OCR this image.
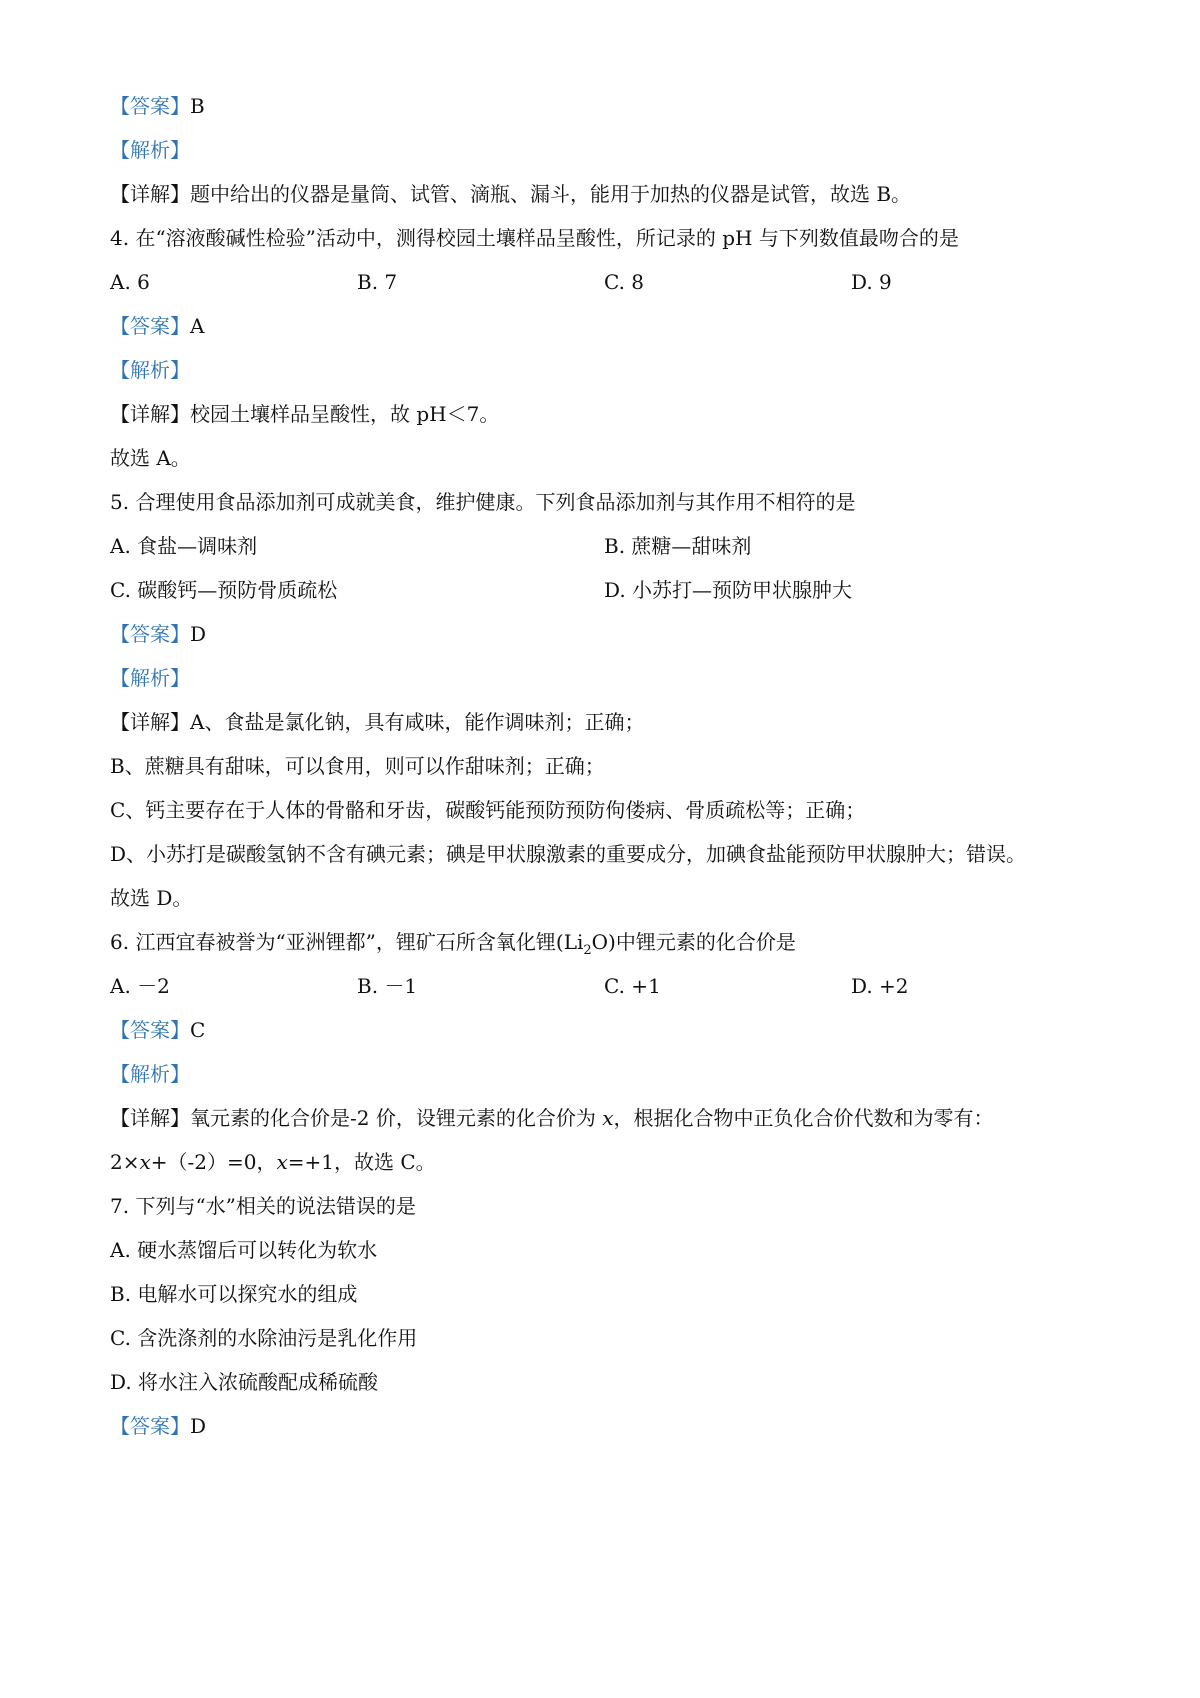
【答案】B
【解析】
【详解】题中给出的仪器是量筒、试管、滴瓶、漏斗，能用于加热的仪器是试管，故选 B。
4. 在“溶液酸碱性检验”活动中，测得校园土壤样品呈酸性，所记录的 pH 与下列数值最吻合的是
A. 6	B. 7	C. 8	D. 9
【答案】A
【解析】
【详解】校园土壤样品呈酸性，故 pH＜7。
故选 A。
5. 合理使用食品添加剂可成就美食，维护健康。下列食品添加剂与其作用不相符的是
A. 食盐—调味剂	B. 蔗糖—甜味剂
C. 碳酸钙—预防骨质疏松	D. 小苏打—预防甲状腺肿大
【答案】D
【解析】
【详解】A、食盐是氯化钠，具有咸味，能作调味剂；正确；
B、蔗糖具有甜味，可以食用，则可以作甜味剂；正确；
C、钙主要存在于人体的骨骼和牙齿，碳酸钙能预防预防佝偻病、骨质疏松等；正确；
D、小苏打是碳酸氢钠不含有碘元素；碘是甲状腺激素的重要成分，加碘食盐能预防甲状腺肿大；错误。
故选 D。
6. 江西宜春被誉为“亚洲锂都”，锂矿石所含氧化锂$(Li_2O)$中锂元素的化合价是
A. －2	B. －1	C. +1	D. +2
【答案】C
【解析】
【详解】氧元素的化合价是-2 价，设锂元素的化合价为 x，根据化合物中正负化合价代数和为零有：
2×x+（-2）=0，x=+1，故选 C。
7. 下列与“水”相关的说法错误的是
A. 硬水蒸馏后可以转化为软水
B. 电解水可以探究水的组成
C. 含洗涤剂的水除油污是乳化作用
D. 将水注入浓硫酸配成稀硫酸
【答案】D
